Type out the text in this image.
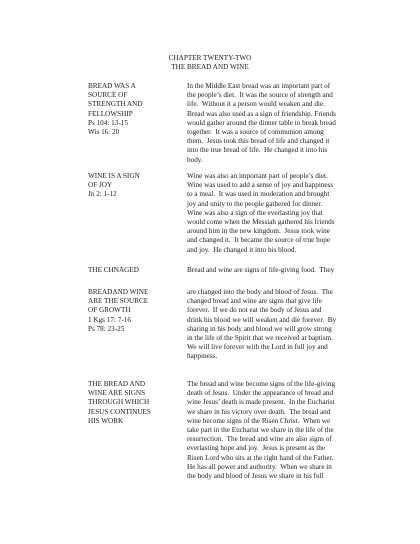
CHAPTER TWENTY-TWO
THE BREAD AND WINE
BREAD WAS A
SOURCE OF
STRENGTH AND
FELLOWSHIP
Ps 104: 13-15
Wis 16: 20
In the Middle East bread was an important part of
the people’s diet.  It was the source of strength and
life.  Without it a person would weaken and die.
Bread was also used as a sign of friendship. Friends
would gather around the dinner table to break bread
together.  It was a source of communion among
them.  Jesus took this bread of life and changed it
into the true bread of life.  He changed it into his
body.
WINE IS A SIGN
OF JOY
Jn 2: 1-12
Wine was also an important part of people’s diet.
Wine was used to add a sense of joy and happiness
to a meal.  It was used in moderation and brought
joy and unity to the people gathered for dinner.
Wine was also a sign of the everlasting joy that
would come when the Messiah gathered his friends
around him in the new kingdom.  Jesus took wine
and changed it.  It became the source of true hope
and joy.  He changed it into his blood.
THE CHNAGED	Bread and wine are signs of life-giving food.  They
BREADAND WINE
ARE THE SOURCE
OF GROWTH
1 Kgs 17: 7-16
Ps 78: 23-25
are changed into the body and blood of Jesus.  The
changed bread and wine are signs that give life
forever.  If we do not eat the body of Jesus and
drink his blood we will weaken and die forever.  By
sharing in his body and blood we will grow strong
in the life of the Spirit that we received at baptism.
We will live forever with the Lord in full joy and
happiness.
THE BREAD AND
WINE ARE SIGNS
THROUGH WHICH
JESUS CONTINUES
HIS WORK
The bread and wine become signs of the life-giving
death of Jesus.  Under the appearance of bread and
wine Jesus’ death is made present.  In the Eucharist
we share in his victory over death.  The bread and
wine become signs of the Risen Christ.  When we
take part in the Eucharist we share in the life of the
resurrection.  The bread and wine are also signs of
everlasting hope and joy.  Jesus is present as the
Risen Lord who sits at the right hand of the Father.
He has all power and authority.  When we share in
the body and blood of Jesus we share in his full
